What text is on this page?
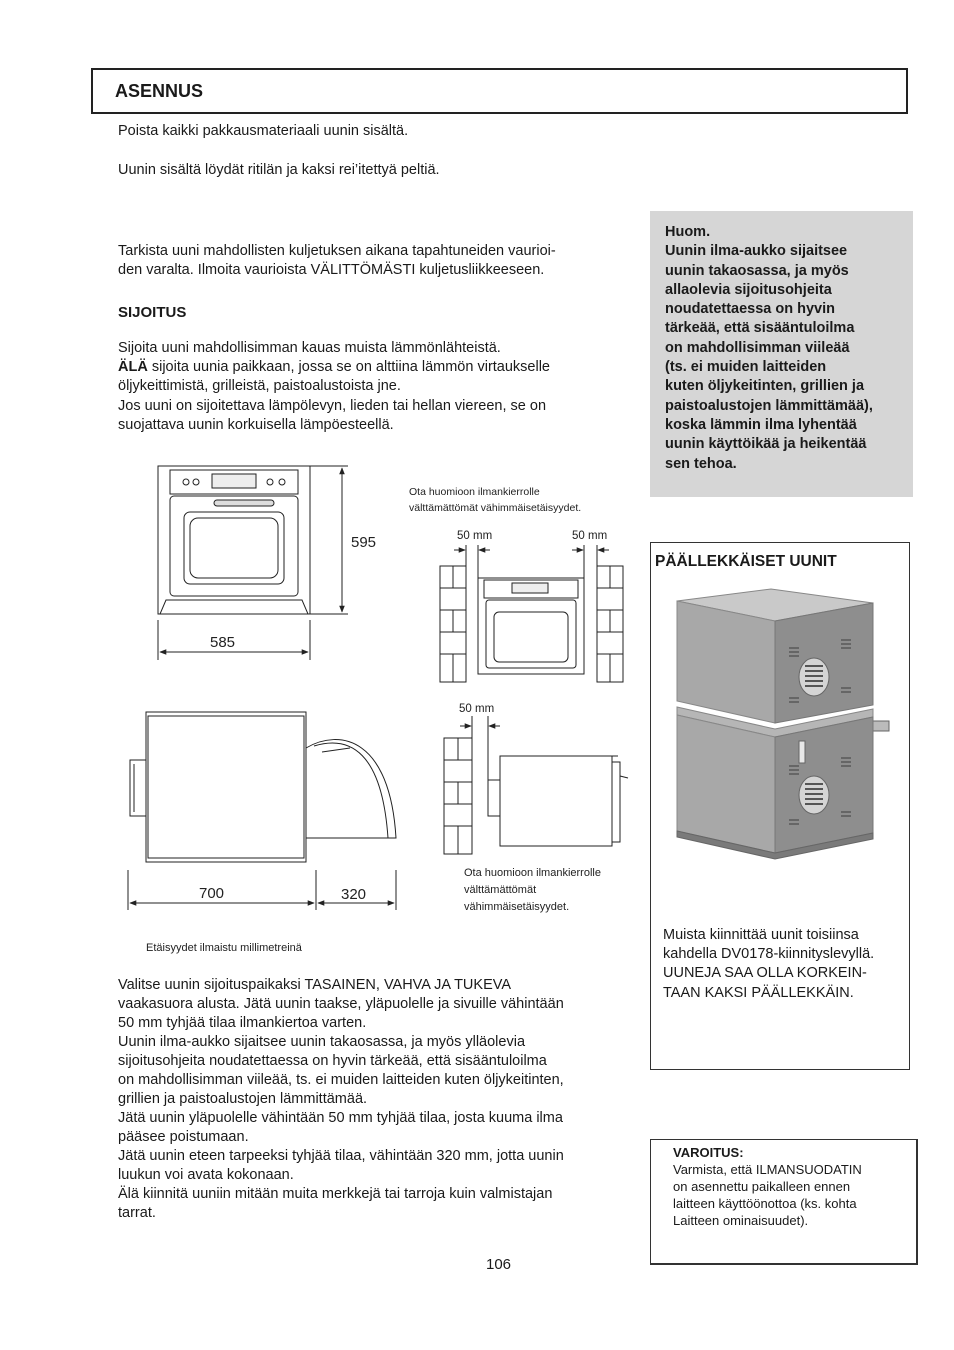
ASENNUS

Poista kaikki pakkausmateriaali uunin sisältä.

Uunin sisältä löydät ritilän ja kaksi rei’itettyä peltiä.

Tarkista uuni mahdollisten kuljetuksen aikana tapahtuneiden vaurioi-

den varalta. Ilmoita vaurioista VÄLITTÖMÄSTI kuljetusliikkeeseen.

SIJOITUS

Sijoita uuni mahdollisimman kauas muista lämmönlähteistä.

ÄLÄ sijoita uunia paikkaan, jossa se on alttiina lämmön virtaukselle

öljykeittimistä, grilleistä, paistoalustoista jne.

Jos uuni on sijoitettava lämpölevyn, lieden tai hellan viereen, se on

suojattava uunin korkuisella lämpöesteellä.

Huom.

Uunin ilma-aukko sijaitsee

uunin takaosassa, ja myös

allaolevia sijoitusohjeita

noudatettaessa on hyvin

tärkeää, että sisääntuloilma

on mahdollisimman viileää

(ts. ei muiden laitteiden

kuten öljykeitinten, grillien ja

paistoalustojen lämmittämää),

koska lämmin ilma lyhentää

uunin käyttöikää ja heikentää

sen tehoa.

595
585
Ota huomioon ilmankierrolle
välttämättömät vähimmäisetäisyydet.
50 mm	50 mm
700	320
50 mm
Ota huomioon ilmankierrolle
välttämättömät
vähimmäisetäisyydet.
Etäisyydet ilmaistu millimetreinä
PÄÄLLEKKÄISET UUNIT

Muista kiinnittää uunit toisiinsa

kahdella DV0178-kiinnityslevyllä.

UUNEJA SAA OLLA KORKEIN-

TAAN KAKSI PÄÄLLEKKÄIN.

Valitse uunin sijoituspaikaksi TASAINEN, VAHVA JA TUKEVA

vaakasuora alusta. Jätä uunin taakse, yläpuolelle ja sivuille vähintään

50 mm tyhjää tilaa ilmankiertoa varten.

Uunin ilma-aukko sijaitsee uunin takaosassa, ja myös ylläolevia

sijoitusohjeita noudatettaessa on hyvin tärkeää, että sisääntuloilma

on mahdollisimman viileää, ts. ei muiden laitteiden kuten öljykeitinten,

grillien ja paistoalustojen lämmittämää.

Jätä uunin yläpuolelle vähintään 50 mm tyhjää tilaa, josta kuuma ilma

pääsee poistumaan.

Jätä uunin eteen tarpeeksi tyhjää tilaa, vähintään 320 mm, jotta uunin

luukun voi avata kokonaan.

Älä kiinnitä uuniin mitään muita merkkejä tai tarroja kuin valmistajan

tarrat.

VAROITUS:
Varmista, että ILMANSUODATIN
on asennettu paikalleen ennen
laitteen käyttöönottoa (ks. kohta
Laitteen ominaisuudet).

106
